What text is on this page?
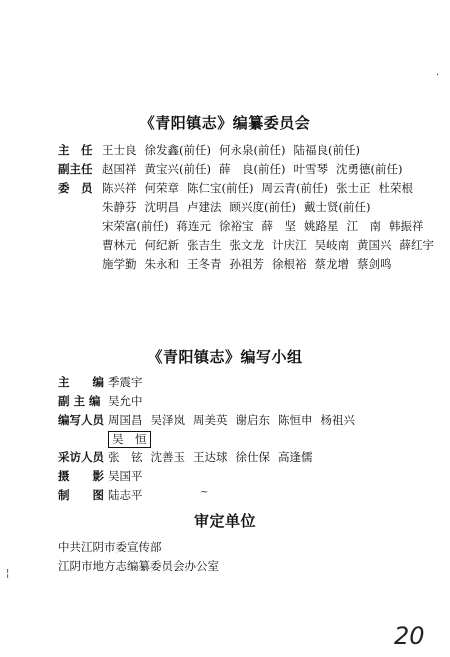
《青阳镇志》编纂委员会
主　任 王士良 徐发鑫(前任) 何永泉(前任) 陆福良(前任)
副主任 赵国祥 黄宝兴(前任) 薛　良(前任) 叶雪琴 沈勇德(前任)
委　员 陈兴祥 何荣章 陈仁宝(前任) 周云青(前任) 张士正 杜荣根
朱静芬 沈明昌 卢建法 顾兴度(前任) 戴士贤(前任)
宋荣富(前任) 蒋连元 徐裕宝 薛　坚 姚路星 江　南 韩振祥
曹林元 何纪新 张吉生 张文龙 计庆江 吴岐南 黄国兴 薛红宇
施学勤 朱永和 王冬青 孙祖芳 徐根裕 蔡龙增 蔡剑鸣
《青阳镇志》编写小组
主　　编 季震宇
副 主 编 吴允中
编写人员 周国昌 吴泽岚 周美英 谢启东 陈恒申 杨祖兴
吴　恒
采访人员 张　铉 沈善玉 王达球 徐仕保 高逢儒
摄　　影 吴国平
制　　图 陆志平
审定单位
中共江阴市委宣传部
江阴市地方志编纂委员会办公室
·
~
¦
20
